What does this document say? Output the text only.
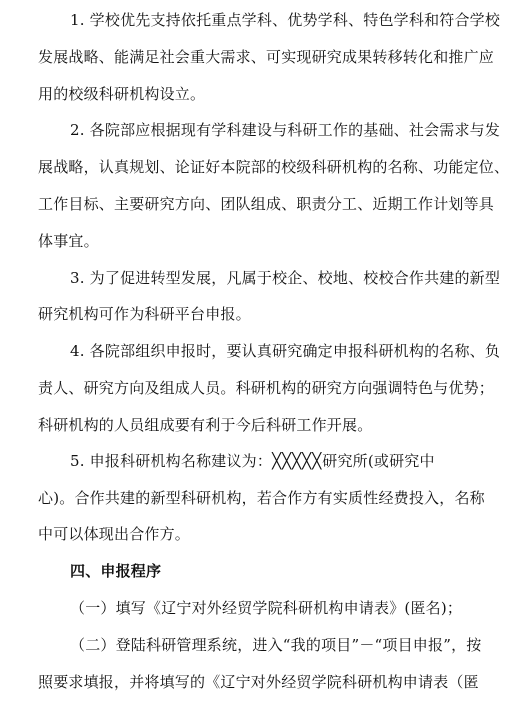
1. 学校优先支持依托重点学科、优势学科、特色学科和符合学校
发展战略、能满足社会重大需求、可实现研究成果转移转化和推广应
用的校级科研机构设立。
2. 各院部应根据现有学科建设与科研工作的基础、社会需求与发
展战略，认真规划、论证好本院部的校级科研机构的名称、功能定位、
工作目标、主要研究方向、团队组成、职责分工、近期工作计划等具
体事宜。
3. 为了促进转型发展，凡属于校企、校地、校校合作共建的新型
研究机构可作为科研平台申报。
4. 各院部组织申报时，要认真研究确定申报科研机构的名称、负
责人、研究方向及组成人员。科研机构的研究方向强调特色与优势；
科研机构的人员组成要有利于今后科研工作开展。
5. 申报科研机构名称建议为：╳╳╳╳╳研究所(或研究中
心)。合作共建的新型科研机构，若合作方有实质性经费投入，名称
中可以体现出合作方。
四、申报程序
（一）填写《辽宁对外经贸学院科研机构申请表》(匿名)；
（二）登陆科研管理系统，进入“我的项目”－“项目申报”，按
照要求填报，并将填写的《辽宁对外经贸学院科研机构申请表（匿
